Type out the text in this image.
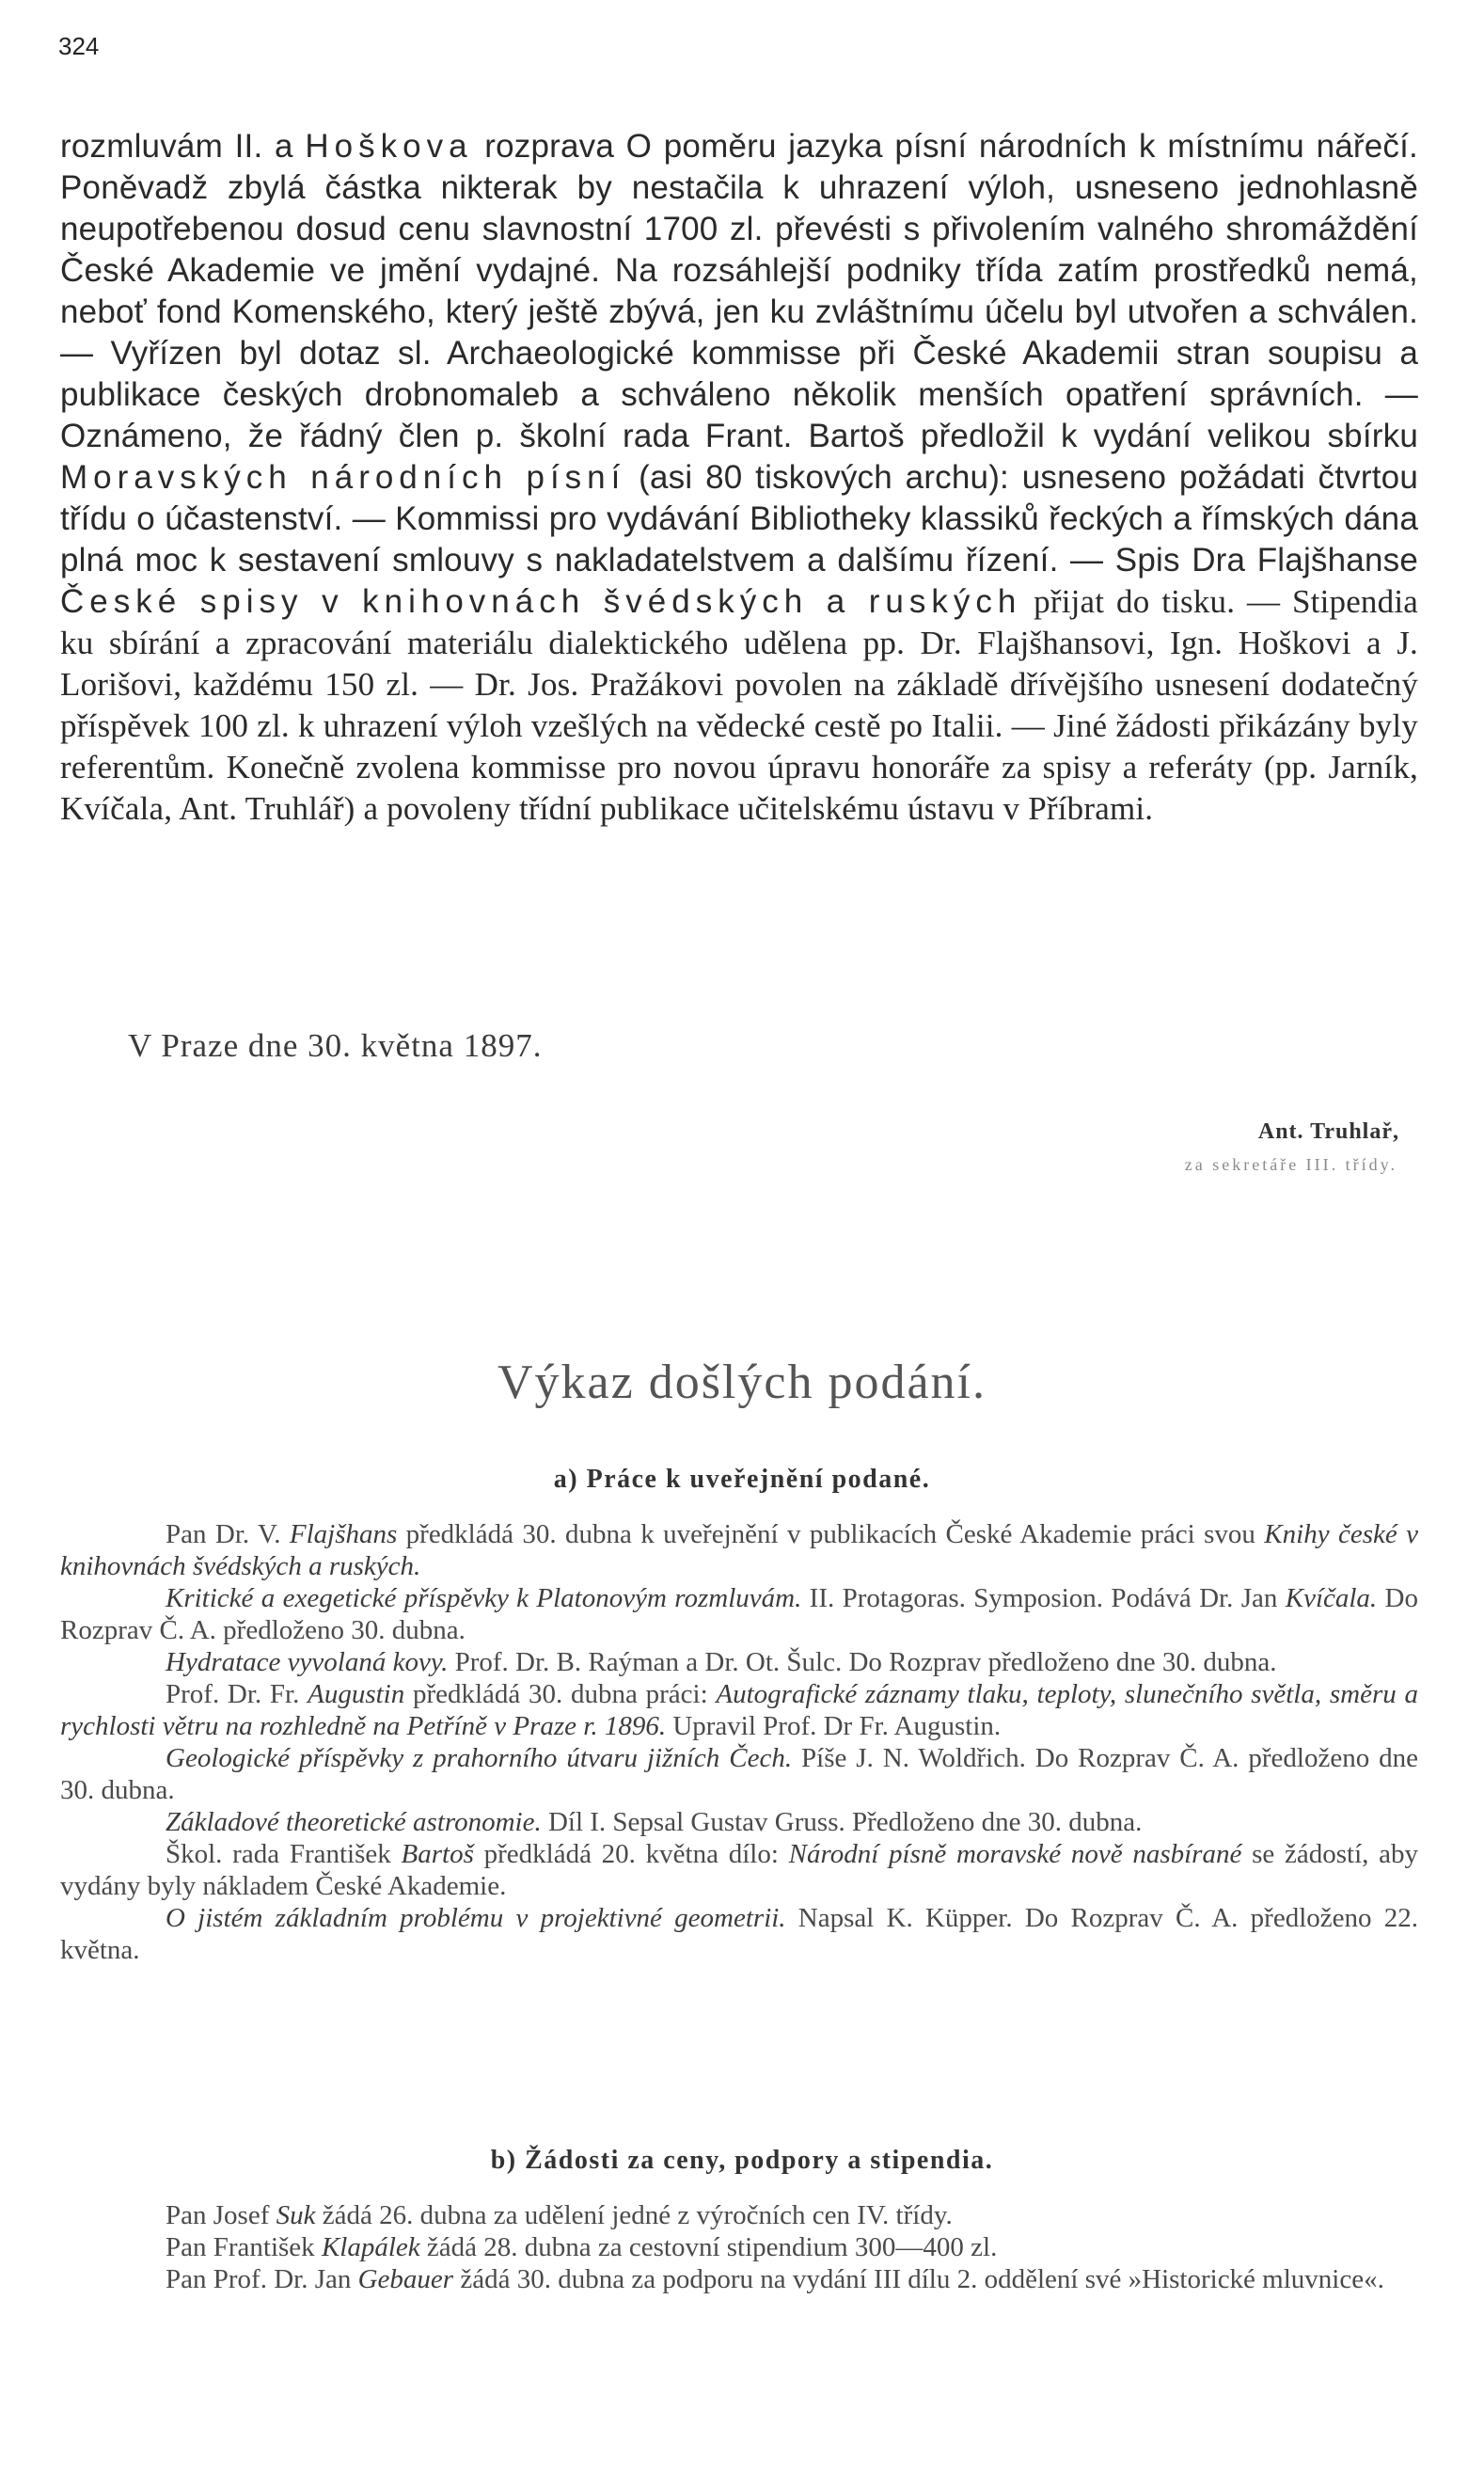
324
rozmluvám II. a Hoškova rozprava O poměru jazyka písní národních k místnímu nářečí. Poněvadž zbylá částka nikterak by nestačila k uhrazení výloh, usneseno jednohlasně neupotřebenou dosud cenu slavnostní 1700 zl. převésti s přivolením valného shromáždění České Akademie ve jmění vydajné. Na rozsáhlejší podniky třída zatím prostředků nemá, neboť fond Komenského, který ještě zbývá, jen ku zvláštnímu účelu byl utvořen a schválen. — Vyřízen byl dotaz sl. Archaeologické kommisse při České Akademii stran soupisu a publikace českých drobnomaleb a schváleno několik menších opatření správních. — Oznámeno, že řádný člen p. školní rada Frant. Bartoš předložil k vydání velikou sbírku Moravských národních písní (asi 80 tiskových archu): usneseno požádati čtvrtou třídu o účastenství. — Kommissi pro vydávání Bibliotheky klassiků řeckých a římských dána plná moc k sestavení smlouvy s nakladatelstvem a dalšímu řízení. — Spis Dra Flajšhanse České spisy v knihovnách švédských a ruských přijat do tisku. — Stipendia ku sbírání a zpracování materiálu dialektického udělena pp. Dr. Flajšhansovi, Ign. Hoškovi a J. Lorišovi, každému 150 zl. — Dr. Jos. Pražákovi povolen na základě dřívějšího usnesení dodatečný příspěvek 100 zl. k uhrazení výloh vzešlých na vědecké cestě po Italii. — Jiné žádosti přikázány byly referentům. Konečně zvolena kommisse pro novou úpravu honoráře za spisy a referáty (pp. Jarník, Kvíčala, Ant. Truhlář) a povoleny třídní publikace učitelskému ústavu v Příbrami.
V Praze dne 30. května 1897.
Ant. Truhlař,
za sekretáře III. třídy.
Výkaz došlých podání.
a) Práce k uveřejnění podané.

Pan Dr. V. Flajšhans předkládá 30. dubna k uveřejnění v publikacích České Akademie práci svou Knihy české v knihovnách švédských a ruských.

Kritické a exegetické příspěvky k Platonovým rozmluvám. II. Protagoras. Symposion. Podává Dr. Jan Kvíčala. Do Rozprav Č. A. předloženo 30. dubna.

Hydratace vyvolaná kovy. Prof. Dr. B. Raýman a Dr. Ot. Šulc. Do Rozprav předloženo dne 30. dubna.

Prof. Dr. Fr. Augustin předkládá 30. dubna práci: Autografické záznamy tlaku, teploty, slunečního světla, směru a rychlosti větru na rozhledně na Petříně v Praze r. 1896. Upravil Prof. Dr Fr. Augustin.

Geologické příspěvky z prahorního útvaru jižních Čech. Píše J. N. Woldřich. Do Rozprav Č. A. předloženo dne 30. dubna.

Základové theoretické astronomie. Díl I. Sepsal Gustav Gruss. Předloženo dne 30. dubna.

Škol. rada František Bartoš předkládá 20. května dílo: Národní písně moravské nově nasbírané se žádostí, aby vydány byly nákladem České Akademie.

O jistém základním problému v projektivné geometrii. Napsal K. Küpper. Do Rozprav Č. A. předloženo 22. května.

b) Žádosti za ceny, podpory a stipendia.

Pan Josef Suk žádá 26. dubna za udělení jedné z výročních cen IV. třídy.

Pan František Klapálek žádá 28. dubna za cestovní stipendium 300—400 zl.

Pan Prof. Dr. Jan Gebauer žádá 30. dubna za podporu na vydání III dílu 2. oddělení své »Historické mluvnice«.
